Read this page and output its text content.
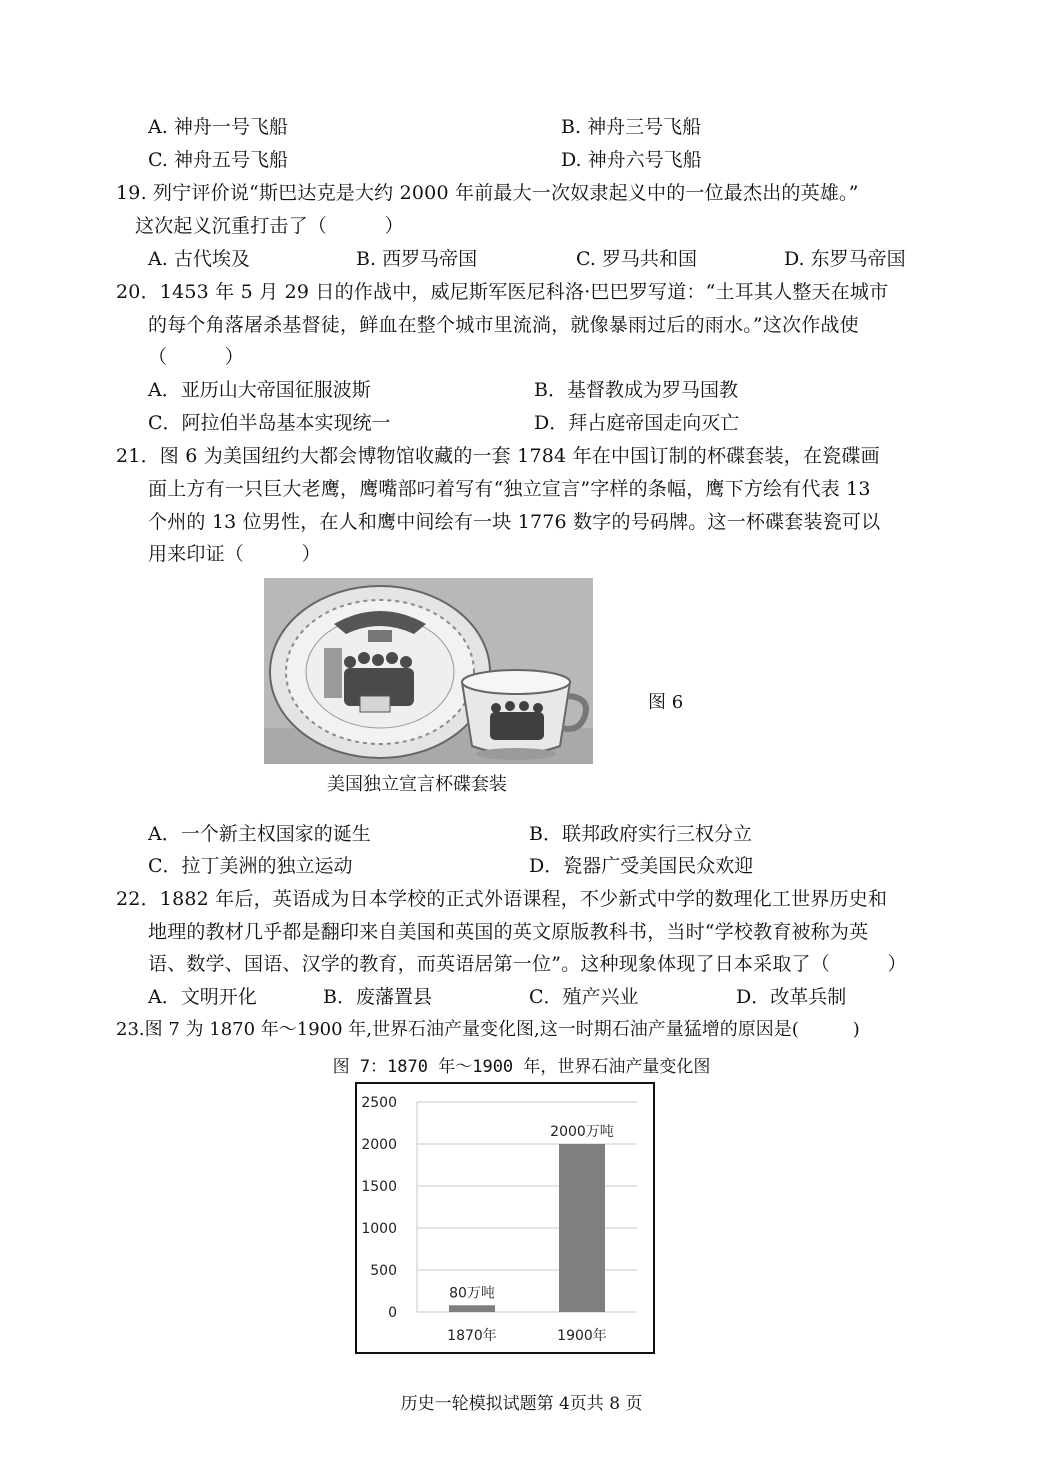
A. 神舟一号飞船	B. 神舟三号飞船
C. 神舟五号飞船	D. 神舟六号飞船
19. 列宁评价说“斯巴达克是大约 2000 年前最大一次奴隶起义中的一位最杰出的英雄。”
这次起义沉重打击了（　　　）
A. 古代埃及	B. 西罗马帝国	C. 罗马共和国	D. 东罗马帝国
20．1453 年 5 月 29 日的作战中，威尼斯军医尼科洛·巴巴罗写道：“土耳其人整天在城市
的每个角落屠杀基督徒，鲜血在整个城市里流淌，就像暴雨过后的雨水。”这次作战使
（　　　）
A．亚历山大帝国征服波斯	B．基督教成为罗马国教
C．阿拉伯半岛基本实现统一	D．拜占庭帝国走向灭亡
21．图 6 为美国纽约大都会博物馆收藏的一套 1784 年在中国订制的杯碟套装，在瓷碟画
面上方有一只巨大老鹰，鹰嘴部叼着写有“独立宣言”字样的条幅，鹰下方绘有代表 13
个州的 13 位男性，在人和鹰中间绘有一块 1776 数字的号码牌。这一杯碟套装瓷可以
用来印证（　　　）
图 6
美国独立宣言杯碟套装
A．一个新主权国家的诞生	B．联邦政府实行三权分立
C．拉丁美洲的独立运动	D．瓷器广受美国民众欢迎
22．1882 年后，英语成为日本学校的正式外语课程，不少新式中学的数理化工世界历史和
地理的教材几乎都是翻印来自美国和英国的英文原版教科书，当时“学校教育被称为英
语、数学、国语、汉学的教育，而英语居第一位”。这种现象体现了日本采取了（　　　）
A．文明开化	B．废藩置县	C．殖产兴业	D．改革兵制
23.图 7 为 1870 年～1900 年,世界石油产量变化图,这一时期石油产量猛增的原因是(　　　)
图 7：1870 年～1900 年，世界石油产量变化图
0
500
1000
1500
2000
2500
80万吨
1870年
2000万吨
1900年
历史一轮模拟试题第 4页共 8 页
